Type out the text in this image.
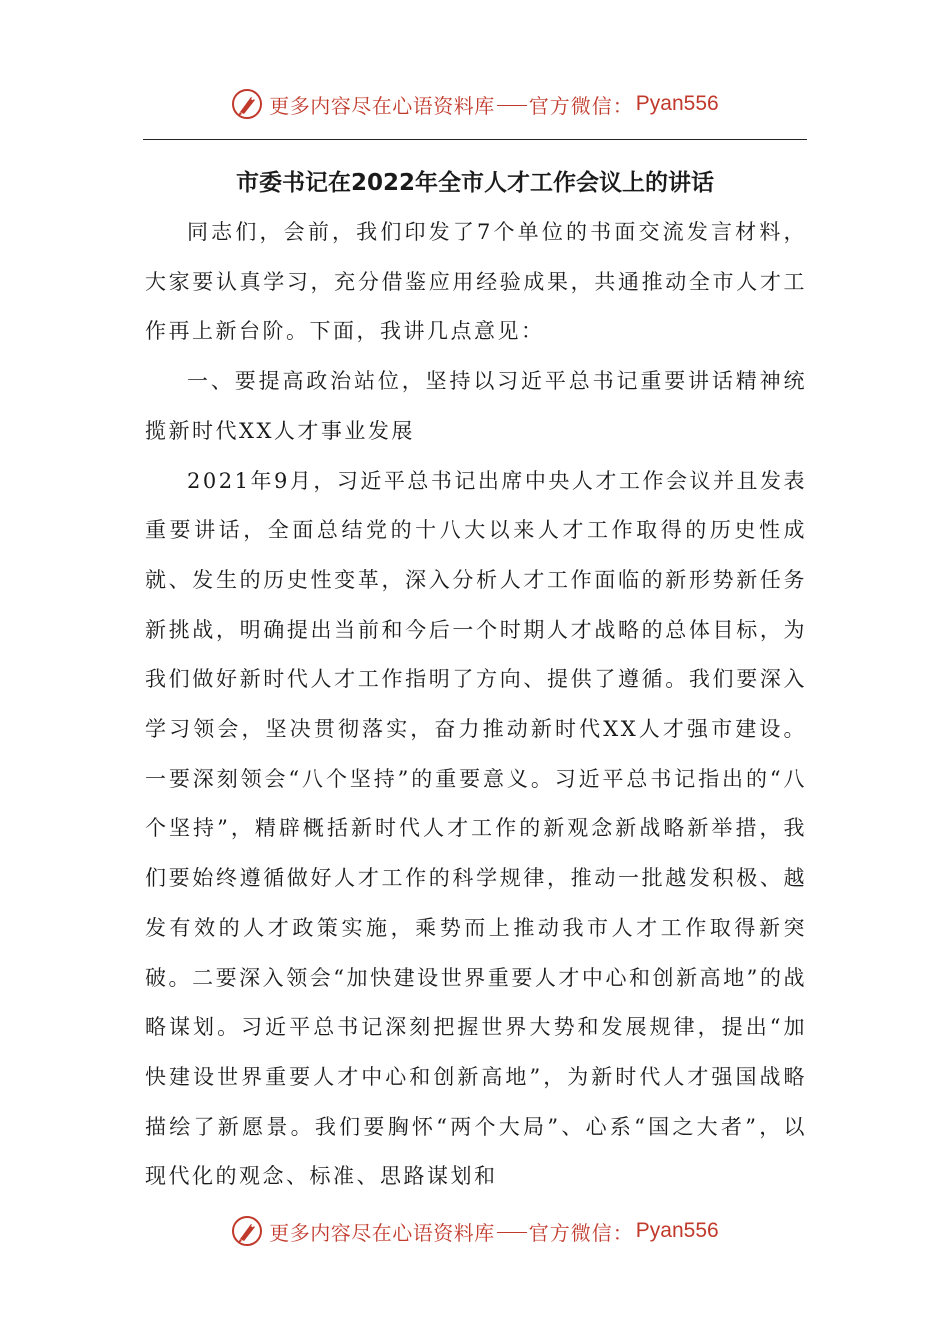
更多内容尽在心语资料库 官方微信： Pyan556
市委书记在2022年全市人才工作会议上的讲话

同志们，会前，我们印发了7个单位的书面交流发言材料，大家要认真学习，充分借鉴应用经验成果，共通推动全市人才工作再上新台阶。下面，我讲几点意见：

一、要提高政治站位，坚持以习近平总书记重要讲话精神统揽新时代XX人才事业发展

2021年9月，习近平总书记出席中央人才工作会议并且发表重要讲话，全面总结党的十八大以来人才工作取得的历史性成就、发生的历史性变革，深入分析人才工作面临的新形势新任务新挑战，明确提出当前和今后一个时期人才战略的总体目标，为我们做好新时代人才工作指明了方向、提供了遵循。我们要深入学习领会，坚决贯彻落实，奋力推动新时代XX人才强市建设。一要深刻领会“八个坚持”的重要意义。习近平总书记指出的“八个坚持”，精辟概括新时代人才工作的新观念新战略新举措，我们要始终遵循做好人才工作的科学规律，推动一批越发积极、越发有效的人才政策实施，乘势而上推动我市人才工作取得新突破。二要深入领会“加快建设世界重要人才中心和创新高地”的战略谋划。习近平总书记深刻把握世界大势和发展规律，提出“加快建设世界重要人才中心和创新高地”，为新时代人才强国战略描绘了新愿景。我们要胸怀“两个大局”、心系“国之大者”，以现代化的观念、标准、思路谋划和

更多内容尽在心语资料库 官方微信： Pyan556
